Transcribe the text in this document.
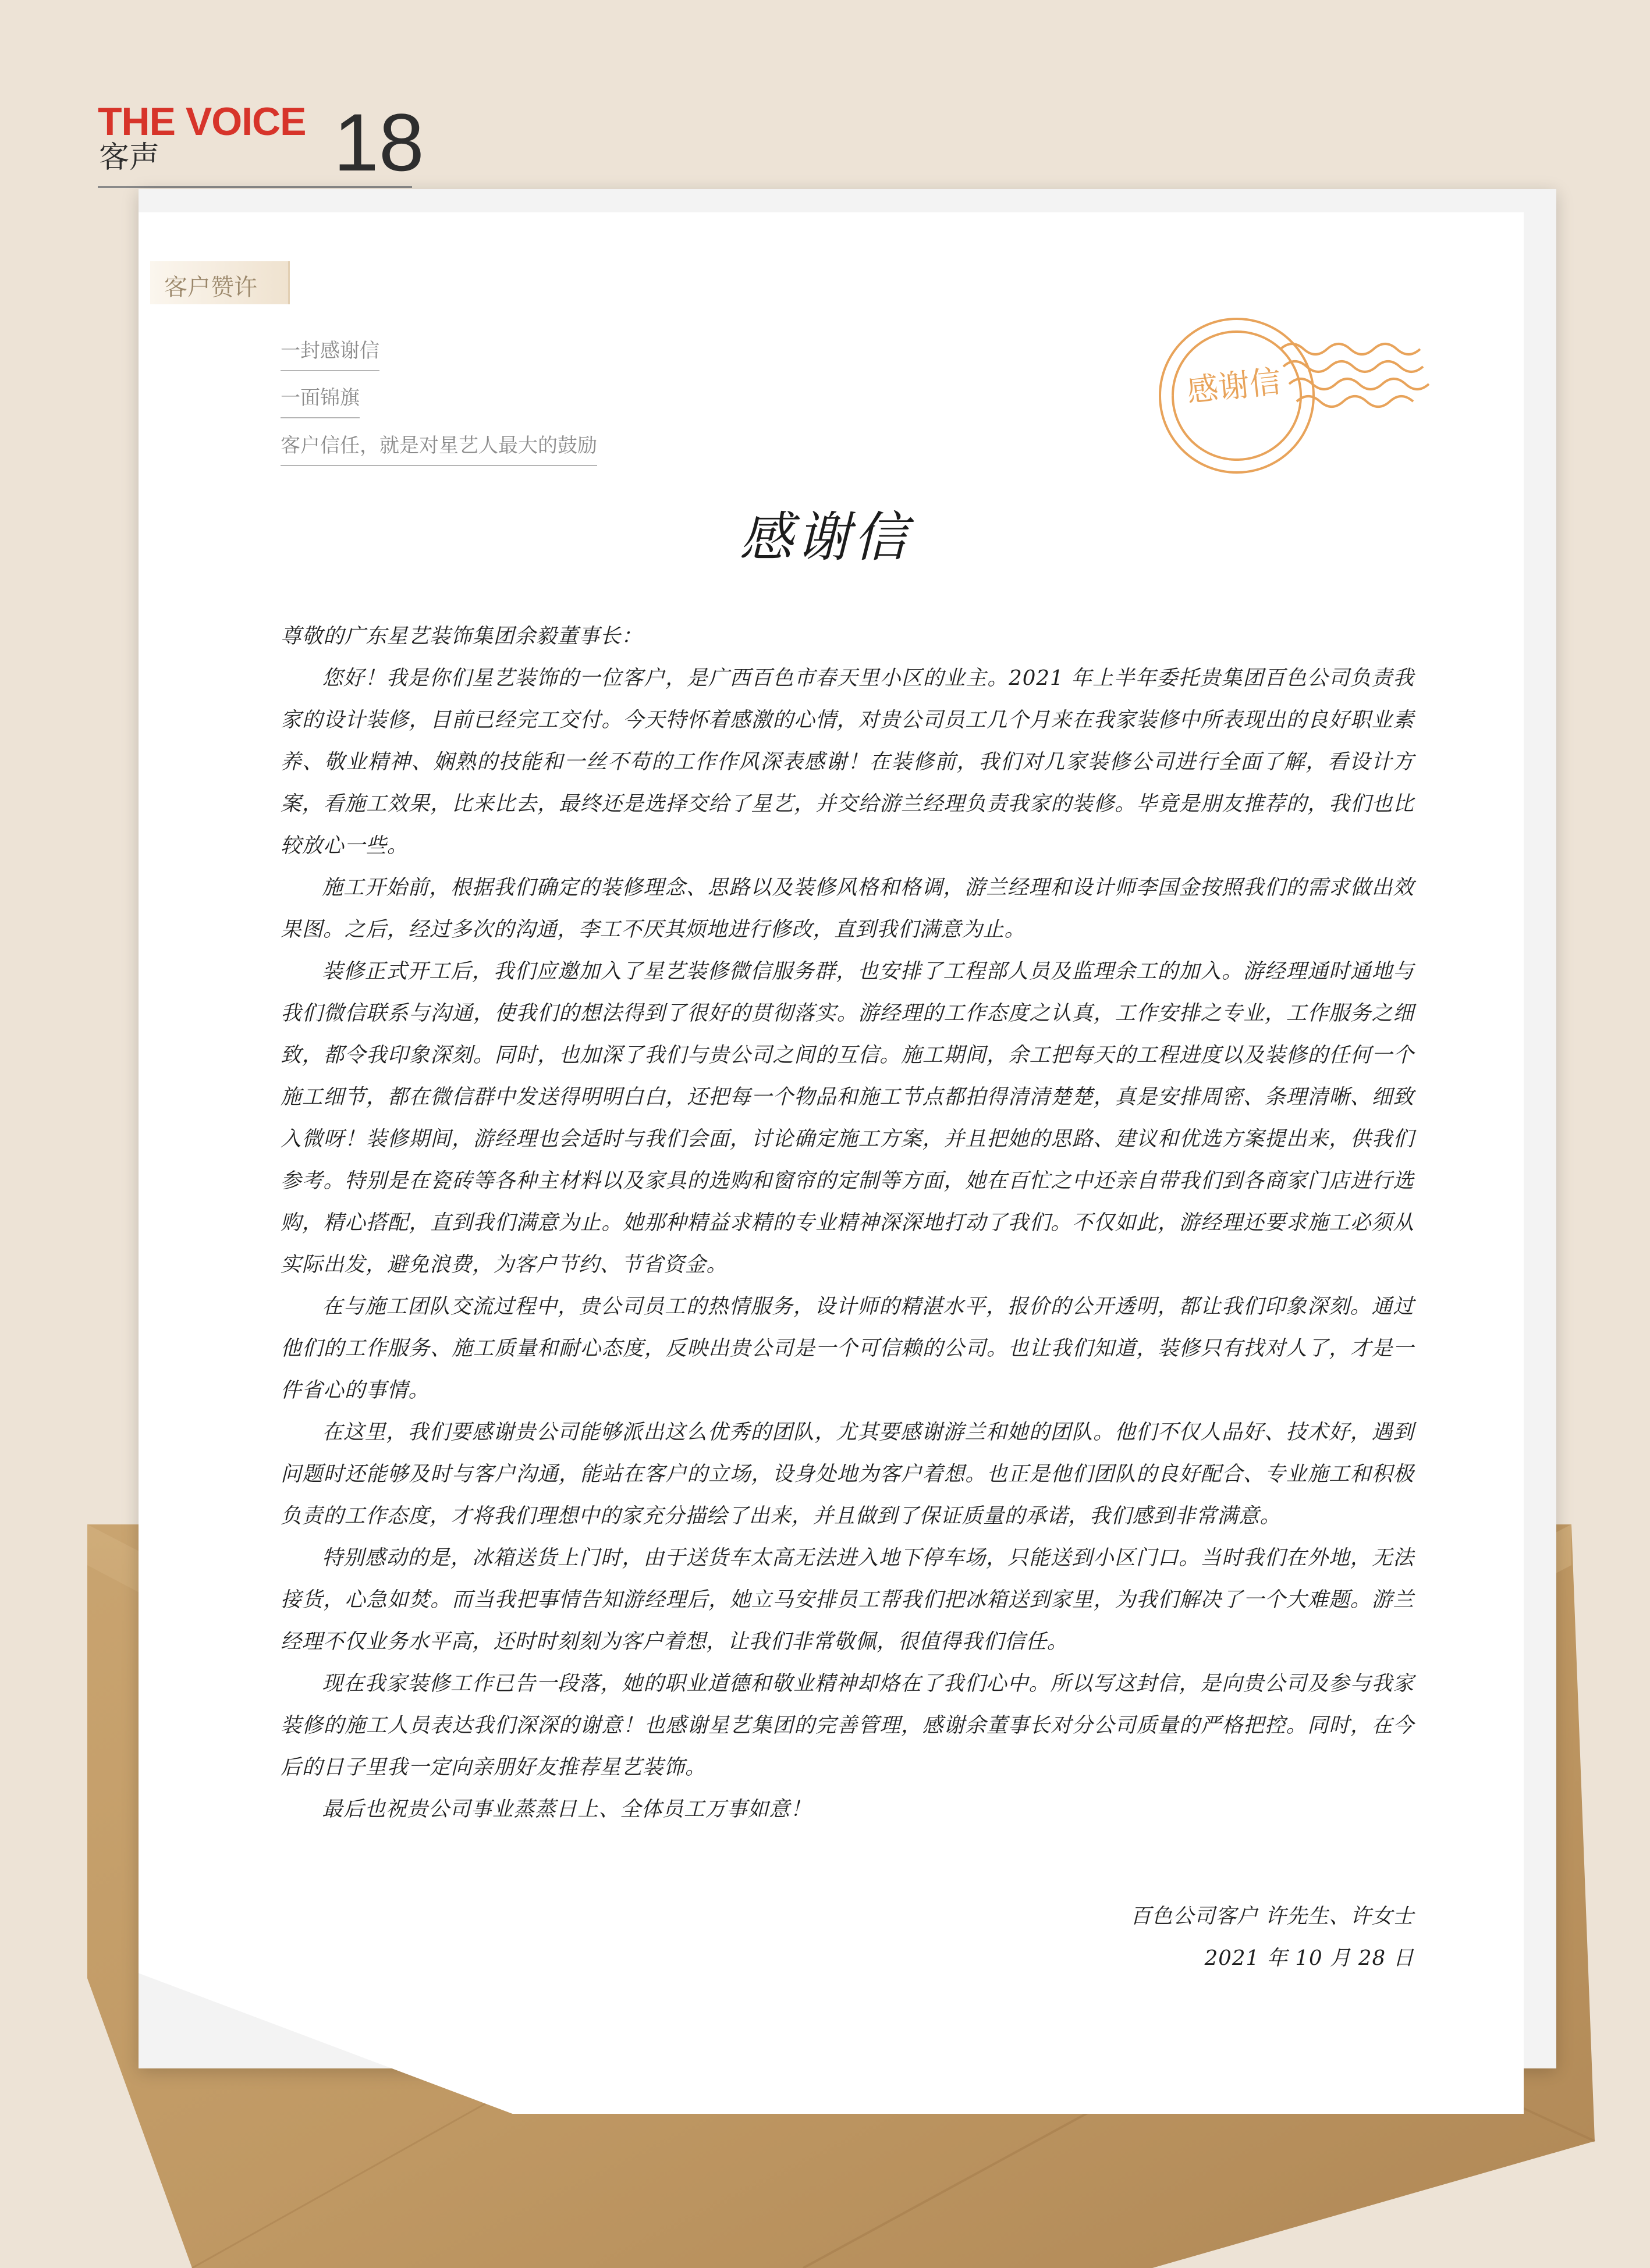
THE VOICE
客声 18
客户赞许
一封感谢信
一面锦旗
客户信任，就是对星艺人最大的鼓励
感谢信
感谢信

尊敬的广东星艺装饰集团余毅董事长：

您好！我是你们星艺装饰的一位客户，是广西百色市春天里小区的业主。2021 年上半年委托贵集团百色公司负责我家的设计装修，目前已经完工交付。今天特怀着感激的心情，对贵公司员工几个月来在我家装修中所表现出的良好职业素养、敬业精神、娴熟的技能和一丝不苟的工作作风深表感谢！在装修前，我们对几家装修公司进行全面了解，看设计方案，看施工效果，比来比去，最终还是选择交给了星艺，并交给游兰经理负责我家的装修。毕竟是朋友推荐的，我们也比较放心一些。

施工开始前，根据我们确定的装修理念、思路以及装修风格和格调，游兰经理和设计师李国金按照我们的需求做出效果图。之后，经过多次的沟通，李工不厌其烦地进行修改，直到我们满意为止。

装修正式开工后，我们应邀加入了星艺装修微信服务群，也安排了工程部人员及监理余工的加入。游经理通时通地与我们微信联系与沟通，使我们的想法得到了很好的贯彻落实。游经理的工作态度之认真，工作安排之专业，工作服务之细致，都令我印象深刻。同时，也加深了我们与贵公司之间的互信。施工期间，余工把每天的工程进度以及装修的任何一个施工细节，都在微信群中发送得明明白白，还把每一个物品和施工节点都拍得清清楚楚，真是安排周密、条理清晰、细致入微呀！装修期间，游经理也会适时与我们会面，讨论确定施工方案，并且把她的思路、建议和优选方案提出来，供我们参考。特别是在瓷砖等各种主材料以及家具的选购和窗帘的定制等方面，她在百忙之中还亲自带我们到各商家门店进行选购，精心搭配，直到我们满意为止。她那种精益求精的专业精神深深地打动了我们。不仅如此，游经理还要求施工必须从实际出发，避免浪费，为客户节约、节省资金。

在与施工团队交流过程中，贵公司员工的热情服务，设计师的精湛水平，报价的公开透明，都让我们印象深刻。通过他们的工作服务、施工质量和耐心态度，反映出贵公司是一个可信赖的公司。也让我们知道，装修只有找对人了，才是一件省心的事情。

在这里，我们要感谢贵公司能够派出这么优秀的团队，尤其要感谢游兰和她的团队。他们不仅人品好、技术好，遇到问题时还能够及时与客户沟通，能站在客户的立场，设身处地为客户着想。也正是他们团队的良好配合、专业施工和积极负责的工作态度，才将我们理想中的家充分描绘了出来，并且做到了保证质量的承诺，我们感到非常满意。

特别感动的是，冰箱送货上门时，由于送货车太高无法进入地下停车场，只能送到小区门口。当时我们在外地，无法接货，心急如焚。而当我把事情告知游经理后，她立马安排员工帮我们把冰箱送到家里，为我们解决了一个大难题。游兰经理不仅业务水平高，还时时刻刻为客户着想，让我们非常敬佩，很值得我们信任。

现在我家装修工作已告一段落，她的职业道德和敬业精神却烙在了我们心中。所以写这封信，是向贵公司及参与我家装修的施工人员表达我们深深的谢意！也感谢星艺集团的完善管理，感谢余董事长对分公司质量的严格把控。同时，在今后的日子里我一定向亲朋好友推荐星艺装饰。

最后也祝贵公司事业蒸蒸日上、全体员工万事如意！

百色公司客户 许先生、许女士
2021 年 10 月 28 日
